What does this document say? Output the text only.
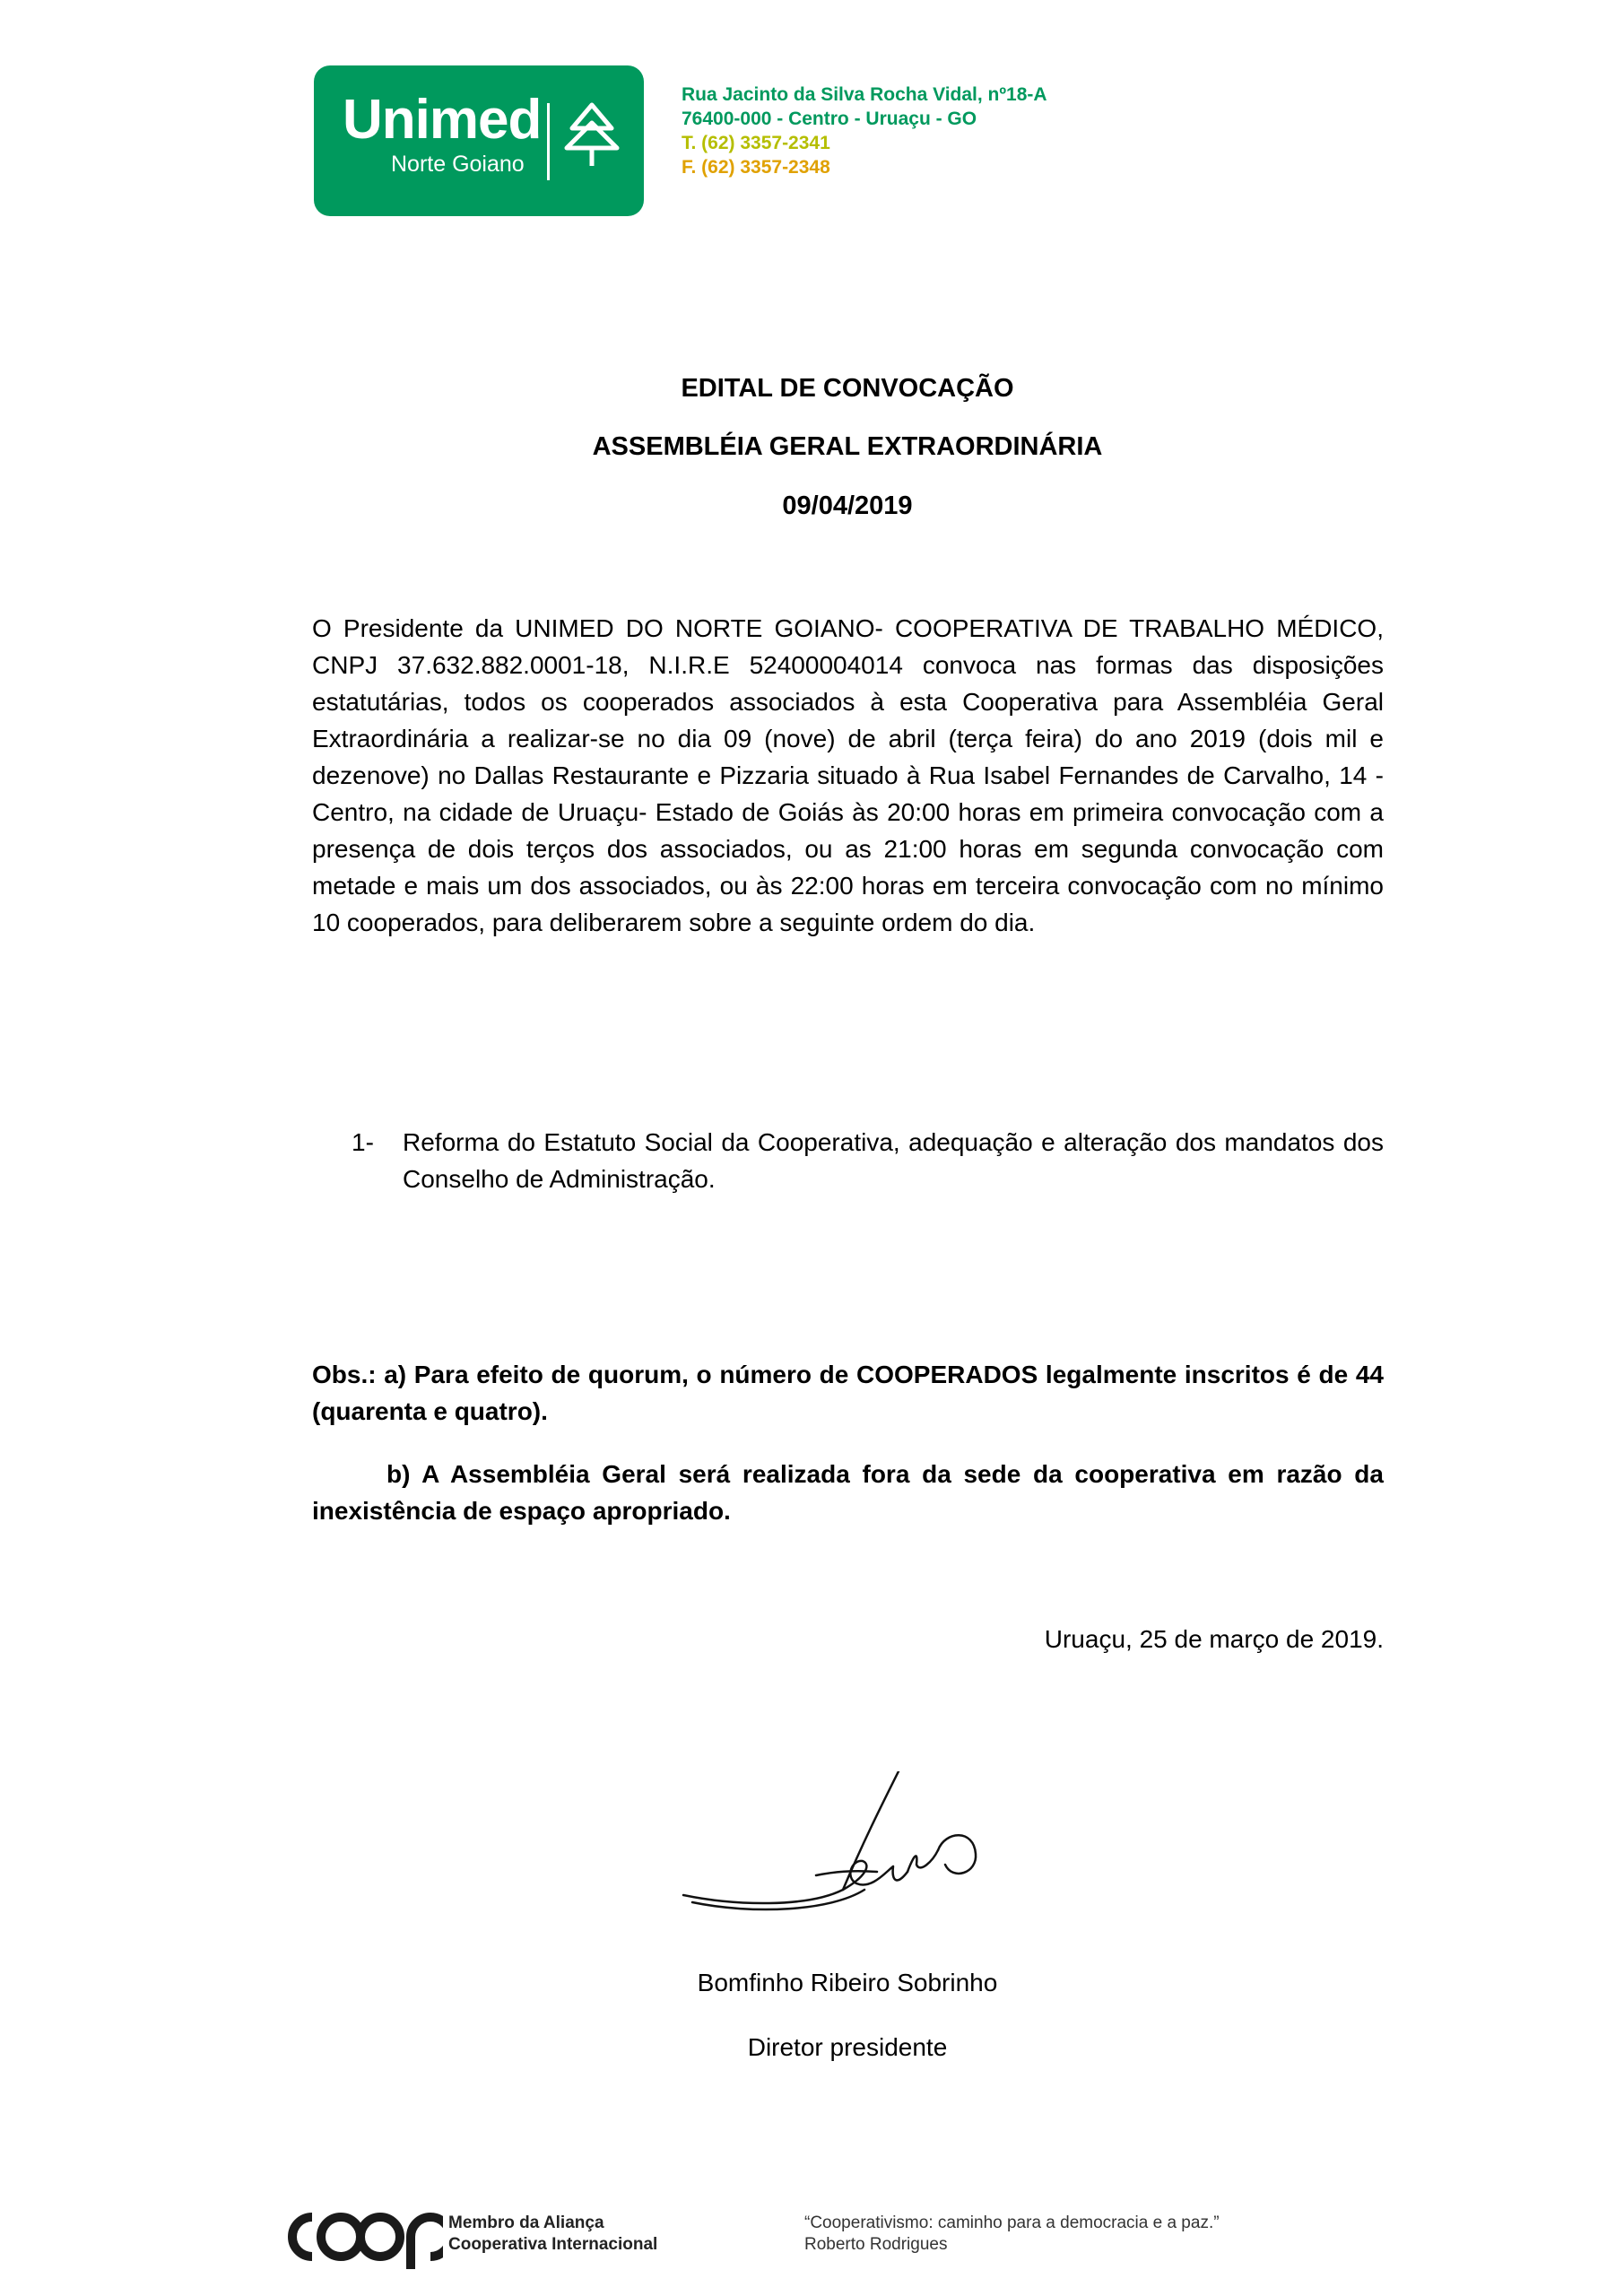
Unimed
Norte Goiano
Rua Jacinto da Silva Rocha Vidal, nº18-A
76400-000 - Centro - Uruaçu - GO
T. (62) 3357-2341
F. (62) 3357-2348
EDITAL DE CONVOCAÇÃO
ASSEMBLÉIA GERAL EXTRAORDINÁRIA
09/04/2019
O Presidente da UNIMED DO NORTE GOIANO- COOPERATIVA DE TRABALHO MÉDICO, CNPJ 37.632.882.0001-18, N.I.R.E 52400004014 convoca nas formas das disposições estatutárias, todos os cooperados associados à esta Cooperativa para Assembléia Geral Extraordinária a realizar-se no dia 09 (nove) de abril (terça feira) do ano 2019 (dois mil e dezenove) no Dallas Restaurante e Pizzaria situado à Rua Isabel Fernandes de Carvalho, 14 - Centro, na cidade de Uruaçu- Estado de Goiás às 20:00 horas em primeira convocação com a presença de dois terços dos associados, ou as 21:00 horas em segunda convocação com metade e mais um dos associados, ou às 22:00 horas em terceira convocação com no mínimo 10 cooperados, para deliberarem sobre a seguinte ordem do dia.
1- Reforma do Estatuto Social da Cooperativa, adequação e alteração dos mandatos dos Conselho de Administração.
Obs.: a) Para efeito de quorum, o número de COOPERADOS legalmente inscritos é de 44 (quarenta e quatro).
b) A Assembléia Geral será realizada fora da sede da cooperativa em razão da inexistência de espaço apropriado.
Uruaçu, 25 de março de 2019.
Bomfinho Ribeiro Sobrinho
Diretor presidente
Membro da Aliança
Cooperativa Internacional
“Cooperativismo: caminho para a democracia e a paz.”
Roberto Rodrigues
